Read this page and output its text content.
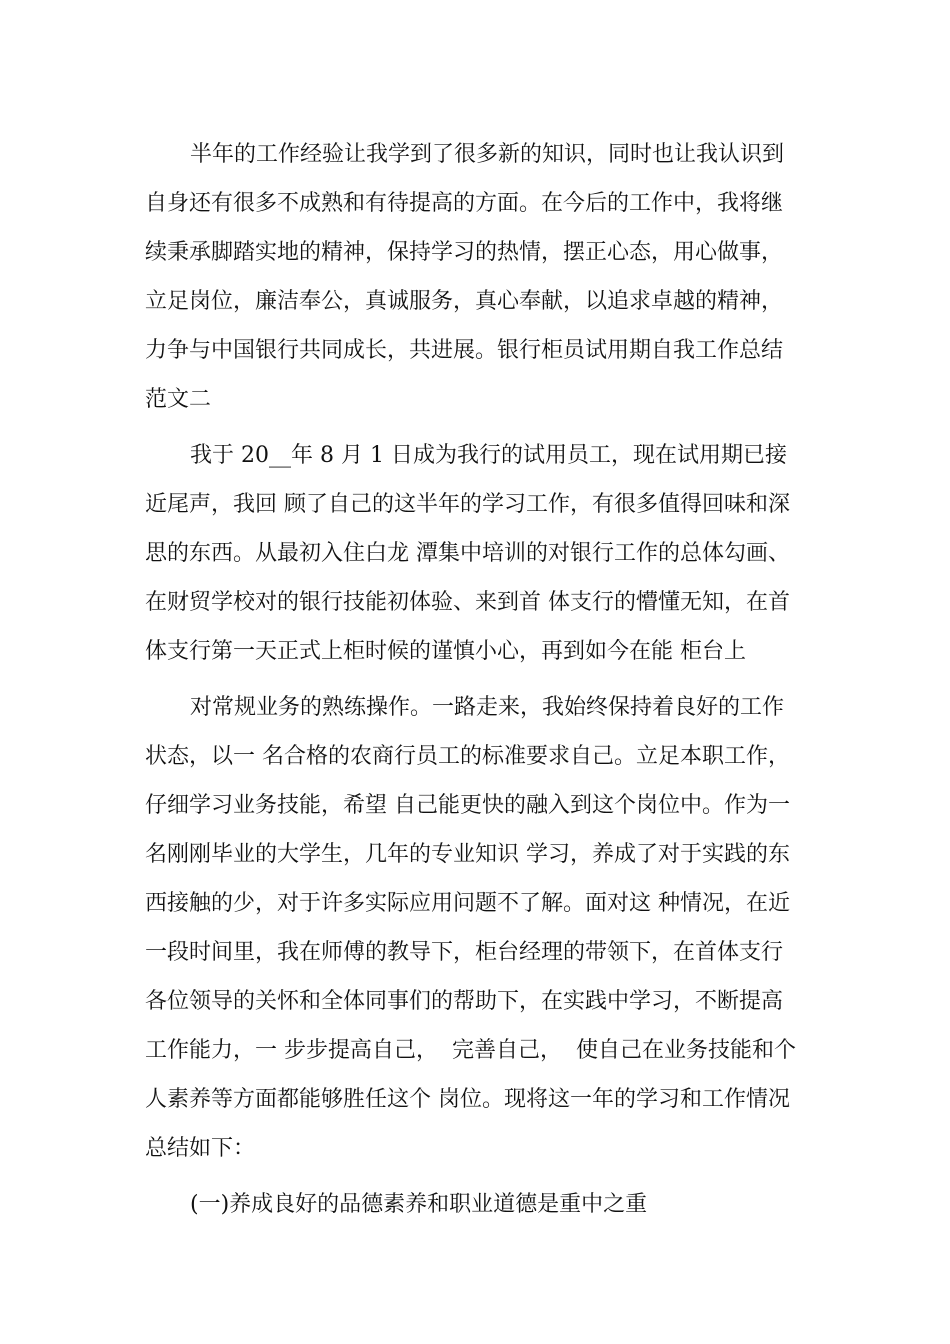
半年的工作经验让我学到了很多新的知识，同时也让我认识到
自身还有很多不成熟和有待提高的方面。在今后的工作中，我将继
续秉承脚踏实地的精神，保持学习的热情，摆正心态，用心做事，
立足岗位，廉洁奉公，真诚服务，真心奉献，以追求卓越的精神，
力争与中国银行共同成长，共进展。银行柜员试用期自我工作总结
范文二
我于 20__年 8 月 1 日成为我行的试用员工，现在试用期已接
近尾声，我回 顾了自己的这半年的学习工作，有很多值得回味和深
思的东西。从最初入住白龙 潭集中培训的对银行工作的总体勾画、
在财贸学校对的银行技能初体验、来到首 体支行的懵懂无知，在首
体支行第一天正式上柜时候的谨慎小心，再到如今在能 柜台上
对常规业务的熟练操作。一路走来，我始终保持着良好的工作
状态，以一 名合格的农商行员工的标准要求自己。立足本职工作，
仔细学习业务技能，希望 自己能更快的融入到这个岗位中。作为一
名刚刚毕业的大学生，几年的专业知识 学习，养成了对于实践的东
西接触的少，对于许多实际应用问题不了解。面对这 种情况，在近
一段时间里，我在师傅的教导下，柜台经理的带领下，在首体支行
各位领导的关怀和全体同事们的帮助下，在实践中学习，不断提高
工作能力，一 步步提高自己，  完善自己，  使自己在业务技能和个
人素养等方面都能够胜任这个 岗位。现将这一年的学习和工作情况
总结如下：
(一)养成良好的品德素养和职业道德是重中之重
